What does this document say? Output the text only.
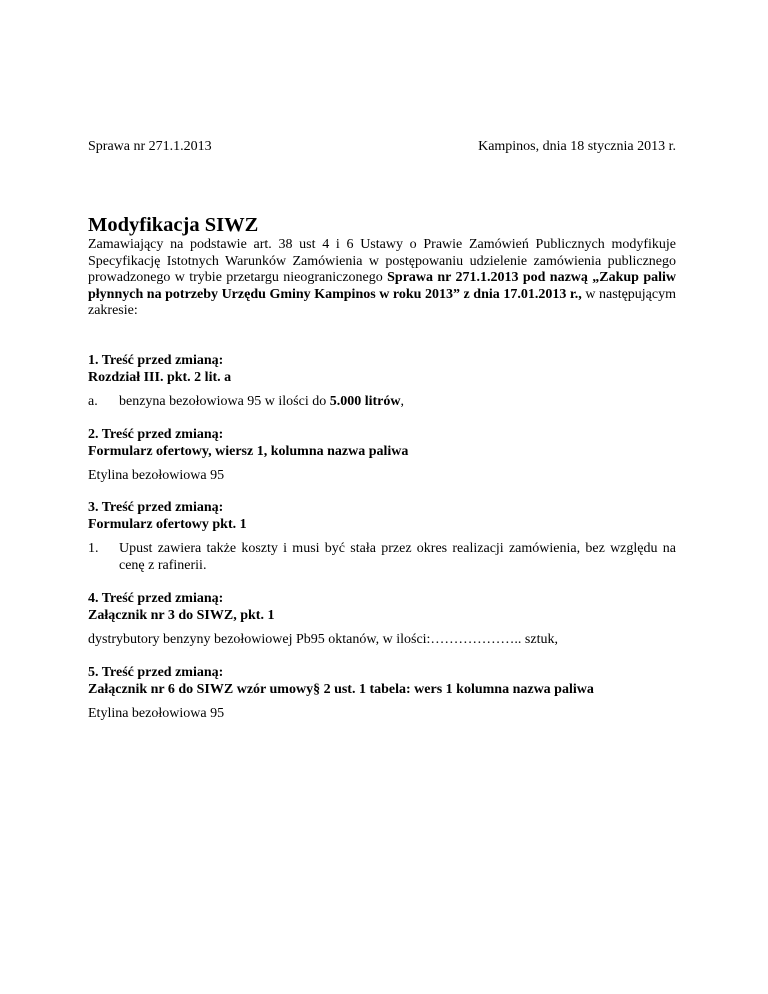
Sprawa nr 271.1.2013	Kampinos, dnia 18 stycznia 2013 r.
Modyfikacja SIWZ

Zamawiający na podstawie art. 38 ust 4 i 6 Ustawy o Prawie Zamówień Publicznych modyfikuje Specyfikację Istotnych Warunków Zamówienia w postępowaniu udzielenie zamówienia publicznego prowadzonego w trybie przetargu nieograniczonego Sprawa nr 271.1.2013 pod nazwą „Zakup paliw płynnych na potrzeby Urzędu Gminy Kampinos w roku 2013” z dnia 17.01.2013 r., w następującym zakresie:

1. Treść przed zmianą:

Rozdział III. pkt. 2 lit. a

a. benzyna bezołowiowa 95 w ilości do 5.000 litrów,

2. Treść przed zmianą:

Formularz ofertowy, wiersz 1, kolumna nazwa paliwa

Etylina bezołowiowa 95

3. Treść przed zmianą:

Formularz ofertowy pkt. 1

1. Upust zawiera także koszty i musi być stała przez okres realizacji zamówienia, bez względu na cenę z rafinerii.

4. Treść przed zmianą:

Załącznik nr 3 do SIWZ, pkt. 1

dystrybutory benzyny bezołowiowej Pb95 oktanów, w ilości:……………….. sztuk,

5. Treść przed zmianą:

Załącznik nr 6 do SIWZ wzór umowy§ 2 ust. 1 tabela: wers 1 kolumna nazwa paliwa

Etylina bezołowiowa 95
